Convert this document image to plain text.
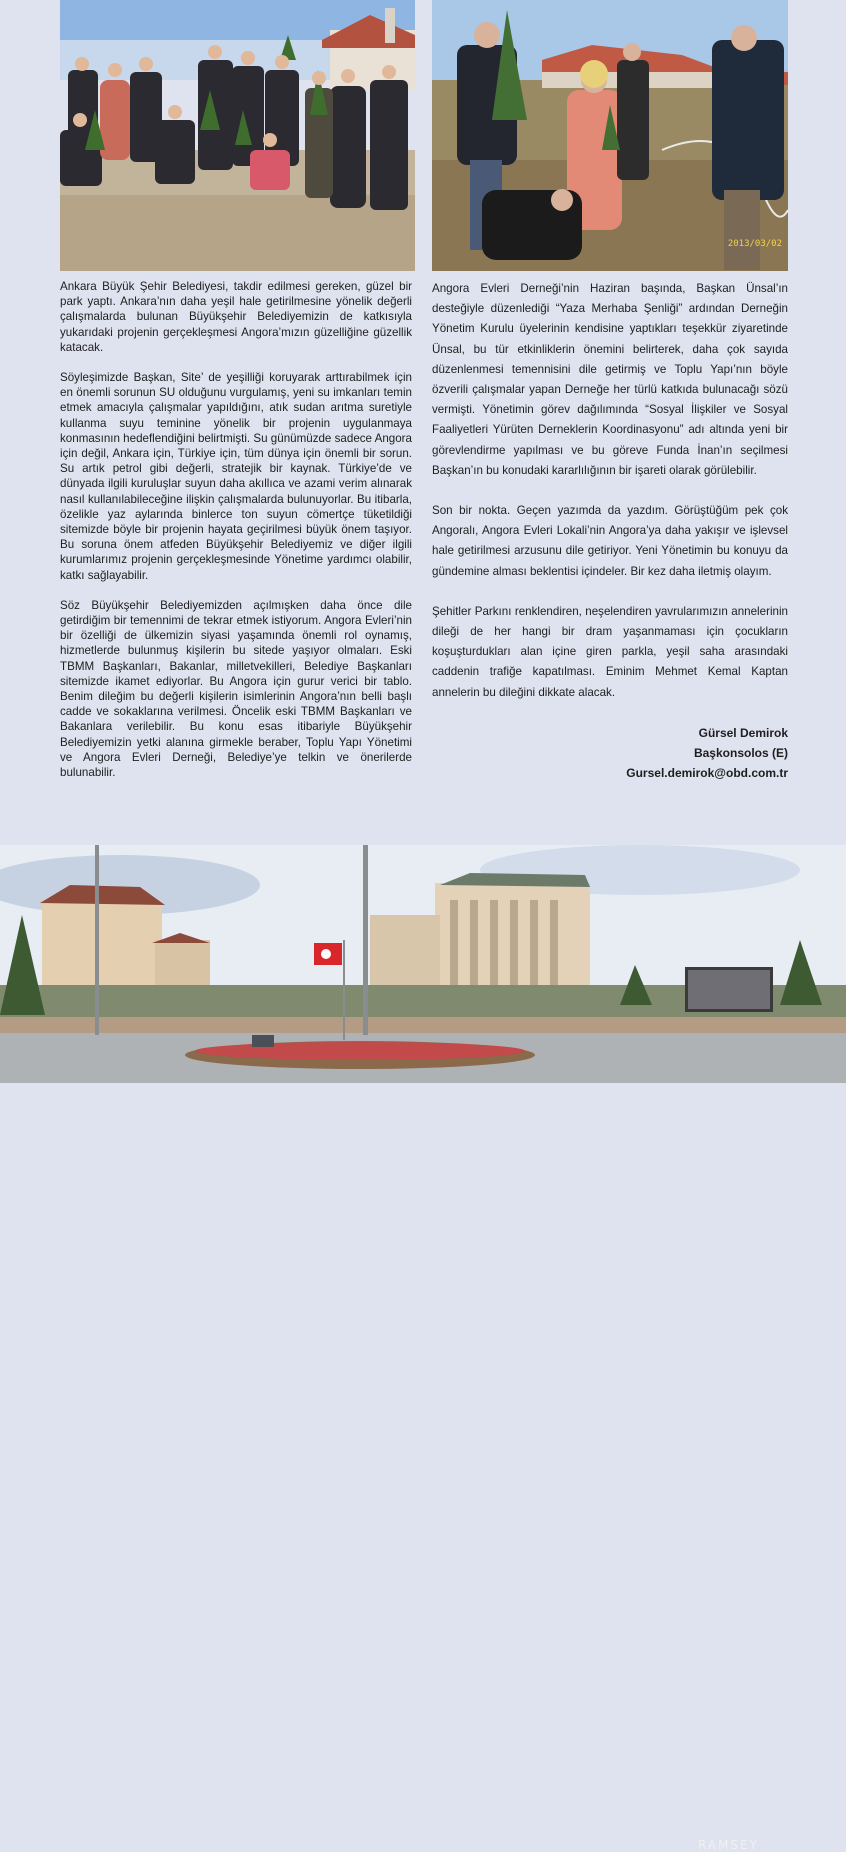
2013/03/02

Ankara Büyük Şehir Belediyesi, takdir edilmesi gereken, güzel bir park yaptı. Ankara’nın daha yeşil hale getirilmesine yönelik değerli çalışmalarda bulunan Büyükşehir Belediyemizin de katkısıyla yukarıdaki projenin gerçekleşmesi Angora’mızın güzelliğine güzellik katacak.

Söyleşimizde Başkan, Site’ de yeşilliği koruyarak arttırabilmek için en önemli sorunun SU olduğunu vurgulamış, yeni su imkanları temin etmek amacıyla çalışmalar yapıldığını, atık sudan arıtma suretiyle kullanma suyu teminine yönelik bir projenin uygulanmaya konmasının hedeflendiğini belirtmişti. Su günümüzde sadece Angora için değil, Ankara için, Türkiye için, tüm dünya için önemli bir sorun. Su artık petrol gibi değerli, stratejik bir kaynak. Türkiye’de ve dünyada ilgili kuruluşlar suyun daha akıllıca ve azami verim alınarak nasıl kullanılabileceğine ilişkin çalışmalarda bulunuyorlar. Bu itibarla, özelikle yaz aylarında binlerce ton suyun cömertçe tüketildiği sitemizde böyle bir projenin hayata geçirilmesi büyük önem taşıyor. Bu soruna önem atfeden Büyükşehir Belediyemiz ve diğer ilgili kurumlarımız projenin gerçekleşmesinde Yönetime yardımcı olabilir, katkı sağlayabilir.

Söz Büyükşehir Belediyemizden açılmışken daha önce dile getirdiğim bir temennimi de tekrar etmek istiyorum. Angora Evleri’nin bir özelliği de ülkemizin siyasi yaşamında önemli rol oynamış, hizmetlerde bulunmuş kişilerin bu sitede yaşıyor olmaları. Eski TBMM Başkanları, Bakanlar, milletvekilleri, Belediye Başkanları sitemizde ikamet ediyorlar. Bu Angora için gurur verici bir tablo. Benim dileğim bu değerli kişilerin isimlerinin Angora’nın belli başlı cadde ve sokaklarına verilmesi. Öncelik eski TBMM Başkanları ve Bakanlara verilebilir. Bu konu esas itibariyle Büyükşehir Belediyemizin yetki alanına girmekle beraber, Toplu Yapı Yönetimi ve Angora Evleri Derneği, Belediye’ye telkin ve önerilerde bulunabilir.

Angora Evleri Derneği’nin Haziran başında, Başkan Ünsal’ın desteğiyle düzenlediği “Yaza Merhaba Şenliği” ardından Derneğin Yönetim Kurulu üyelerinin kendisine yaptıkları teşekkür ziyaretinde Ünsal, bu tür etkinliklerin önemini belirterek, daha çok sayıda düzenlenmesi temennisini dile getirmiş ve Toplu Yapı’nın böyle özverili çalışmalar yapan Derneğe her türlü katkıda bulunacağı sözü vermişti. Yönetimin görev dağılımında “Sosyal İlişkiler ve Sosyal Faaliyetleri Yürüten Derneklerin Koordinasyonu” adı altında yeni bir görevlendirme yapılması ve bu göreve Funda İnan’ın seçilmesi Başkan’ın bu konudaki kararlılığının bir işareti olarak görülebilir.

Son bir nokta. Geçen yazımda da yazdım. Görüştüğüm pek çok Angoralı, Angora Evleri Lokali’nin Angora’ya daha yakışır ve işlevsel hale getirilmesi arzusunu dile getiriyor. Yeni Yönetimin bu konuyu da gündemine alması beklentisi içindeler. Bir kez daha iletmiş olayım.

Şehitler Parkını renklendiren, neşelendiren yavrularımızın annelerinin dileği de her hangi bir dram yaşanmaması için çocukların koşuşturdukları alan içine giren parkla, yeşil saha arasındaki caddenin trafiğe kapatılması. Eminim Mehmet Kemal Kaptan annelerin bu dileğini dikkate alacak.

Gürsel Demirok
Başkonsolos (E)
Gursel.demirok@obd.com.tr
RAMSEY
